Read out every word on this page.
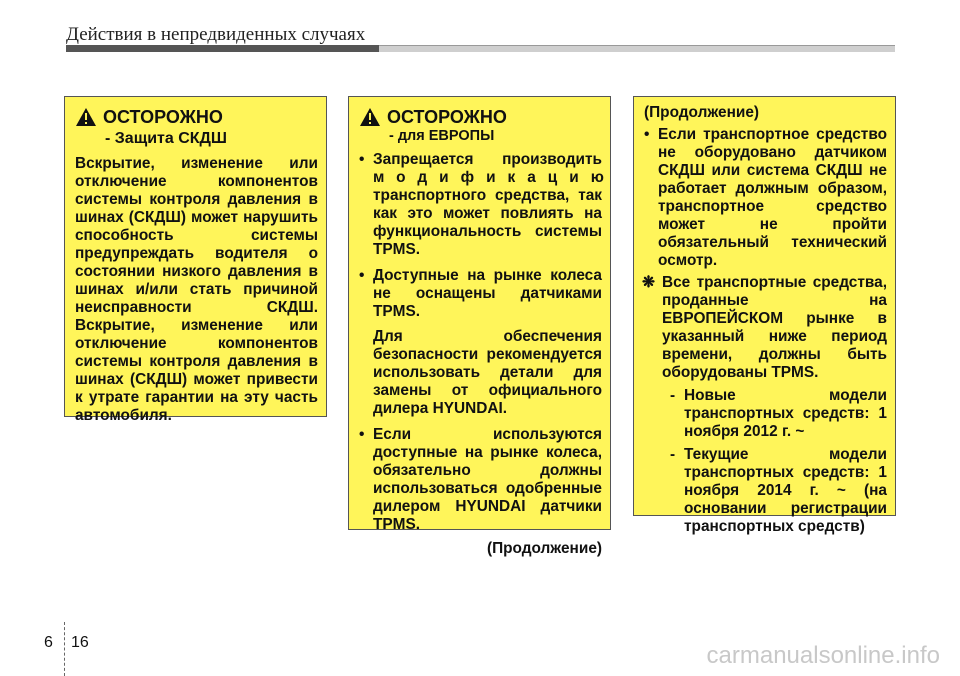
Действия в непредвиденных случаях
ОСТОРОЖНО
- Защита СКДШ

Вскрытие, изменение или отключение компонентов системы контроля давления в шинах (СКДШ) может нарушить способность системы предупреждать водителя о состоянии низкого давления в шинах и/или стать причиной неисправности СКДШ. Вскрытие, изменение или отключение компонентов системы контроля давления в шинах (СКДШ) может привести к утрате гарантии на эту часть автомобиля.

ОСТОРОЖНО
- для ЕВРОПЫ
• Запрещается производить
модификацию
транспортного средства, так как это может повлиять на функциональность системы TPMS.
• Доступные на рынке колеса не оснащены датчиками TPMS.

Для обеспечения безопасности рекомендуется использовать детали для замены от официального дилера HYUNDAI.

• Если используются доступные на рынке колеса, обязательно должны использоваться одобренные дилером HYUNDAI датчики TPMS.
(Продолжение)
(Продолжение)
• Если транспортное средство не оборудовано датчиком СКДШ или система СКДШ не работает должным образом, транспортное средство может не пройти обязательный технический осмотр.
❋ Все транспортные средства, проданные на ЕВРОПЕЙСКОМ рынке в указанный ниже период времени, должны быть оборудованы TPMS.
- Новые модели транспортных средств: 1 ноября 2012 г. ~
- Текущие модели транспортных средств: 1 ноября 2014 г. ~ (на основании регистрации транспортных средств)
6 16	carmanualsonline.info
